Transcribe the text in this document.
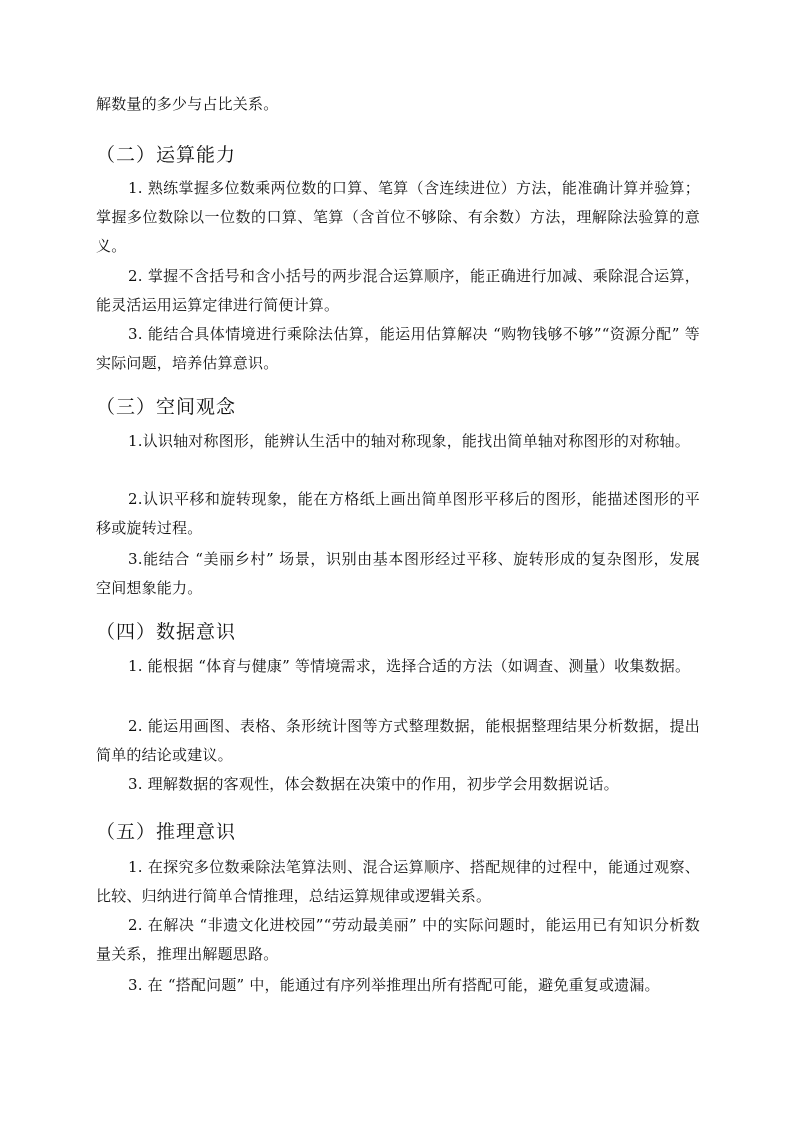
解数量的多少与占比关系。

（二）运算能力

1. 熟练掌握多位数乘两位数的口算、笔算（含连续进位）方法，能准确计算并验算；掌握多位数除以一位数的口算、笔算（含首位不够除、有余数）方法，理解除法验算的意义。

2. 掌握不含括号和含小括号的两步混合运算顺序，能正确进行加减、乘除混合运算，能灵活运用运算定律进行简便计算。

3. 能结合具体情境进行乘除法估算，能运用估算解决 “购物钱够不够”“资源分配” 等实际问题，培养估算意识。

（三）空间观念

1.认识轴对称图形，能辨认生活中的轴对称现象，能找出简单轴对称图形的对称轴。

2.认识平移和旋转现象，能在方格纸上画出简单图形平移后的图形，能描述图形的平移或旋转过程。

3.能结合 “美丽乡村” 场景，识别由基本图形经过平移、旋转形成的复杂图形，发展空间想象能力。

（四）数据意识

1. 能根据 “体育与健康” 等情境需求，选择合适的方法（如调查、测量）收集数据。

2. 能运用画图、表格、条形统计图等方式整理数据，能根据整理结果分析数据，提出简单的结论或建议。

3. 理解数据的客观性，体会数据在决策中的作用，初步学会用数据说话。

（五）推理意识

1. 在探究多位数乘除法笔算法则、混合运算顺序、搭配规律的过程中，能通过观察、比较、归纳进行简单合情推理，总结运算规律或逻辑关系。

2. 在解决 “非遗文化进校园”“劳动最美丽” 中的实际问题时，能运用已有知识分析数量关系，推理出解题思路。

3. 在 “搭配问题” 中，能通过有序列举推理出所有搭配可能，避免重复或遗漏。
